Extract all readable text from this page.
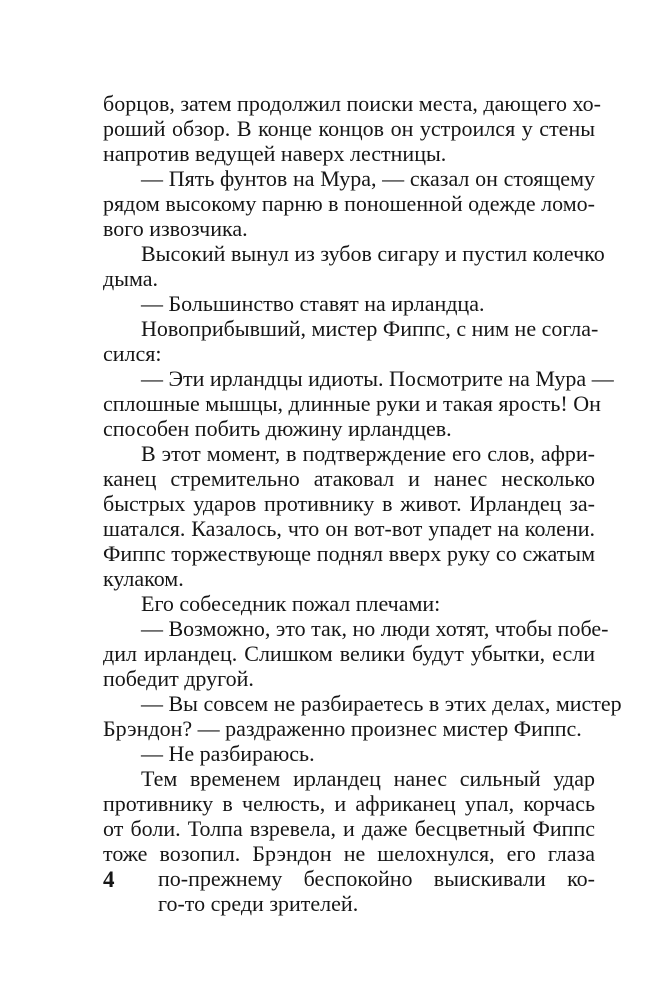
борцов, затем продолжил поиски места, дающего хо-
роший обзор. В конце концов он устроился у стены
напротив ведущей наверх лестницы.
— Пять фунтов на Мура, — сказал он стоящему
рядом высокому парню в поношенной одежде ломо-
вого извозчика.
Высокий вынул из зубов сигару и пустил колечко
дыма.
— Большинство ставят на ирландца.
Новоприбывший, мистер Фиппс, с ним не согла-
сился:
— Эти ирландцы идиоты. Посмотрите на Мура —
сплошные мышцы, длинные руки и такая ярость! Он
способен побить дюжину ирландцев.
В этот момент, в подтверждение его слов, афри-
канец стремительно атаковал и нанес несколько
быстрых ударов противнику в живот. Ирландец за-
шатался. Казалось, что он вот-вот упадет на колени.
Фиппс торжествующе поднял вверх руку со сжатым
кулаком.
Его собеседник пожал плечами:
— Возможно, это так, но люди хотят, чтобы побе-
дил ирландец. Слишком велики будут убытки, если
победит другой.
— Вы совсем не разбираетесь в этих делах, мистер
Брэндон? — раздраженно произнес мистер Фиппс.
— Не разбираюсь.
Тем временем ирландец нанес сильный удар
противнику в челюсть, и африканец упал, корчась
от боли. Толпа взревела, и даже бесцветный Фиппс
тоже возопил. Брэндон не шелохнулся, его глаза
по-прежнему беспокойно выискивали ко-
го-то среди зрителей.
4
